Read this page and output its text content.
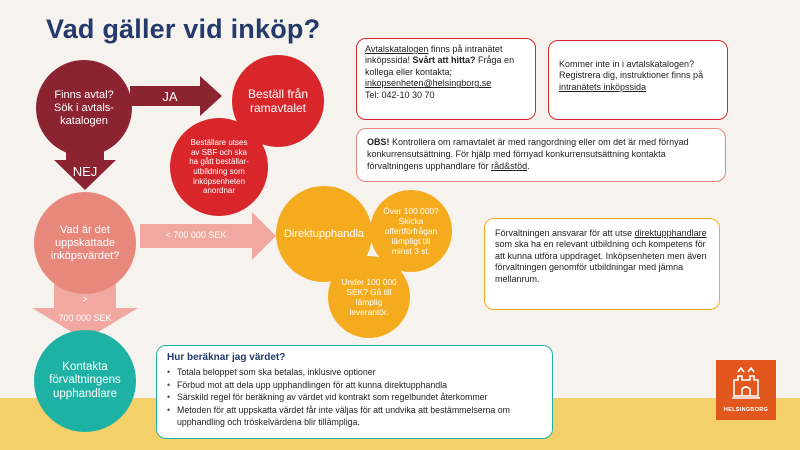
Vad gäller vid inköp?
JA
NEJ
< 700 000 SEK
>
700 000 SEK
Finns avtal? Sök i avtals-katalogen
Beställ från ramavtalet
Beställare utses av SBF och ska ha gått beställar-utbildning som inköpsenheten anordnar
Vad är det uppskattade inköpsvärdet?
Direktupphandla
Över 100 000? Skicka offertförfrågan lämpligt till minst 3 st.
Under 100 000 SEK? Gå till lämplig leverantör.
Kontakta förvaltningens upphandlare
Avtalskatalogen finns på intranätet inköpssida! Svårt att hitta? Fråga en kollega eller kontakta;
inkopsenheten@helsingborg.se
Tel: 042-10 30 70
Kommer inte in i avtalskatalogen? Registrera dig, instruktioner finns på intranätets inköpssida
OBS! Kontrollera om ramavtalet är med rangordning eller om det är med förnyad konkurrensutsättning. För hjälp med förnyad konkurrensutsättning kontakta förvaltningens upphandlare för råd&stöd.
Förvaltningen ansvarar för att utse direktupphandlare som ska ha en relevant utbildning och kompetens för att kunna utföra uppdraget. Inköpsenheten men även förvaltningen genomför utbildningar med jämna mellanrum.
Hur beräknar jag värdet?
• Totala beloppet som ska betalas, inklusive optioner
• Förbud mot att dela upp upphandlingen för att kunna direktupphandla
• Särskild regel för beräkning av värdet vid kontrakt som regelbundet återkommer
• Metoden för att uppskatta värdet får inte väljas för att undvika att bestämmelserna om upphandling och tröskelvärdena blir tillämpliga.
HELSINGBORG
